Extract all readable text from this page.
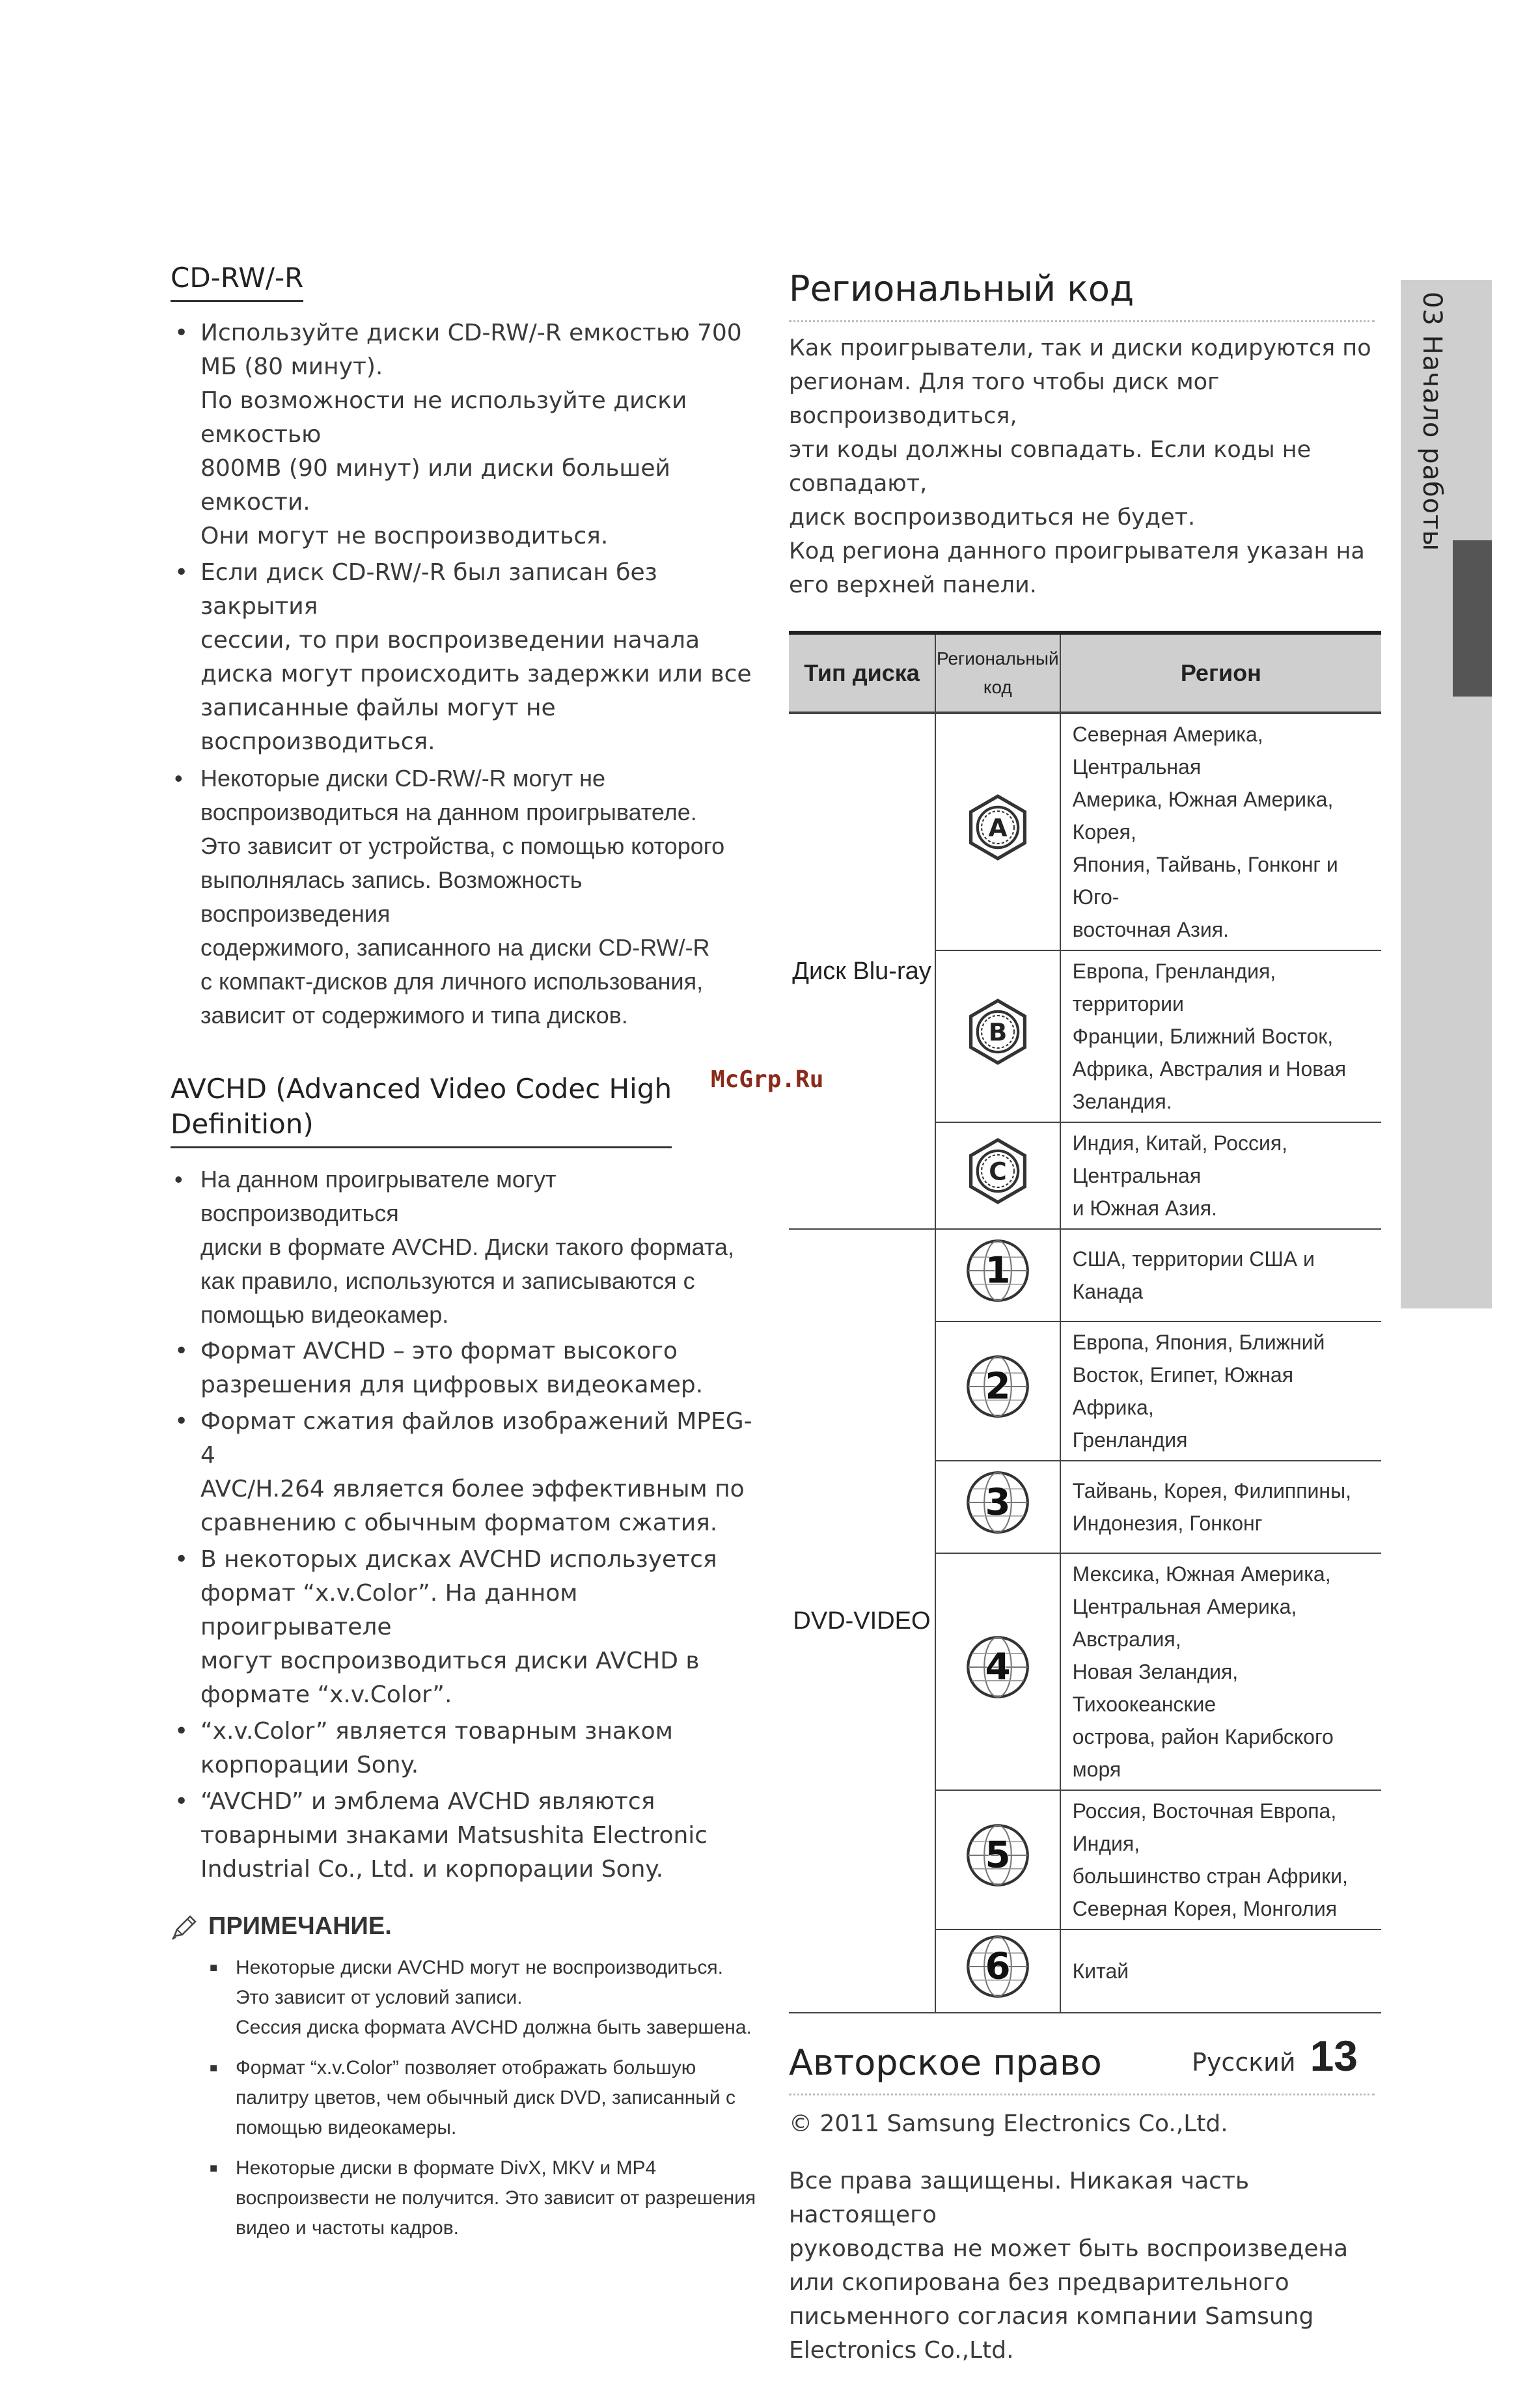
CD-RW/-R
• Используйте диски CD-RW/-R емкостью 700
МБ (80 минут).
По возможности не используйте диски емкостью
800MB (90 минут) или диски большей емкости.
Они могут не воспроизводиться.
• Если диск CD-RW/-R был записан без закрытия
сессии, то при воспроизведении начала
диска могут происходить задержки или все
записанные файлы могут не воспроизводиться.
• Некоторые диски CD-RW/-R могут не
воспроизводиться на данном проигрывателе.
Это зависит от устройства, с помощью которого
выполнялась запись. Возможность воспроизведения
содержимого, записанного на диски CD-RW/-R
с компакт-дисков для личного использования,
зависит от содержимого и типа дисков.
AVCHD (Advanced Video Codec High
Definition)
• На данном проигрывателе могут воспроизводиться
диски в формате AVCHD. Диски такого формата,
как правило, используются и записываются с
помощью видеокамер.
• Формат AVCHD – это формат высокого
разрешения для цифровых видеокамер.
• Формат сжатия файлов изображений MPEG-4
AVC/H.264 является более эффективным по
сравнению с обычным форматом сжатия.
• В некоторых дисках AVCHD используется
формат “x.v.Color”. На данном проигрывателе
могут воспроизводиться диски AVCHD в
формате “x.v.Color”.
• “x.v.Color” является товарным знаком
корпорации Sony.
• “AVCHD” и эмблема AVCHD являются
товарными знаками Matsushita Electronic
Industrial Co., Ltd. и корпорации Sony.
ПРИМЕЧАНИЕ.
■ Некоторые диски AVCHD могут не воспроизводиться.
Это зависит от условий записи.
Сессия диска формата AVCHD должна быть завершена.
■ Формат “x.v.Color” позволяет отображать большую
палитру цветов, чем обычный диск DVD, записанный с
помощью видеокамеры.
■ Некоторые диски в формате DivX, MKV и MP4
воспроизвести не получится. Это зависит от разрешения
видео и частоты кадров.
Региональный код

Как проигрыватели, так и диски кодируются по
регионам. Для того чтобы диск мог воспроизводиться,
эти коды должны совпадать. Если коды не совпадают,
диск воспроизводиться не будет.

Код региона данного проигрывателя указан на
его верхней панели.

Тип диска	Региональный
код	Регион
Диск Blu-ray	A	Северная Америка, Центральная
Америка, Южная Америка, Корея,
Япония, Тайвань, Гонконг и Юго-
восточная Азия.

B	Европа, Гренландия, территории
Франции, Ближний Восток,
Африка, Австралия и Новая
Зеландия.

C	Индия, Китай, Россия, Центральная
и Южная Азия.

DVD-VIDEO	1	США, территории США и Канада

2	Европа, Япония, Ближний
Восток, Египет, Южная Африка,
Гренландия

3	Тайвань, Корея, Филиппины,
Индонезия, Гонконг

4	Мексика, Южная Америка,
Центральная Америка, Австралия,
Новая Зеландия, Тихоокеанские
острова, район Карибского моря

5	Россия, Восточная Европа, Индия,
большинство стран Африки,
Северная Корея, Монголия

6	Китай
Авторское право

© 2011 Samsung Electronics Co.,Ltd.

Все права защищены. Никакая часть настоящего
руководства не может быть воспроизведена
или скопирована без предварительного
письменного согласия компании Samsung
Electronics Co.,Ltd.

03 Начало работы
McGrp.Ru
Русский 13
